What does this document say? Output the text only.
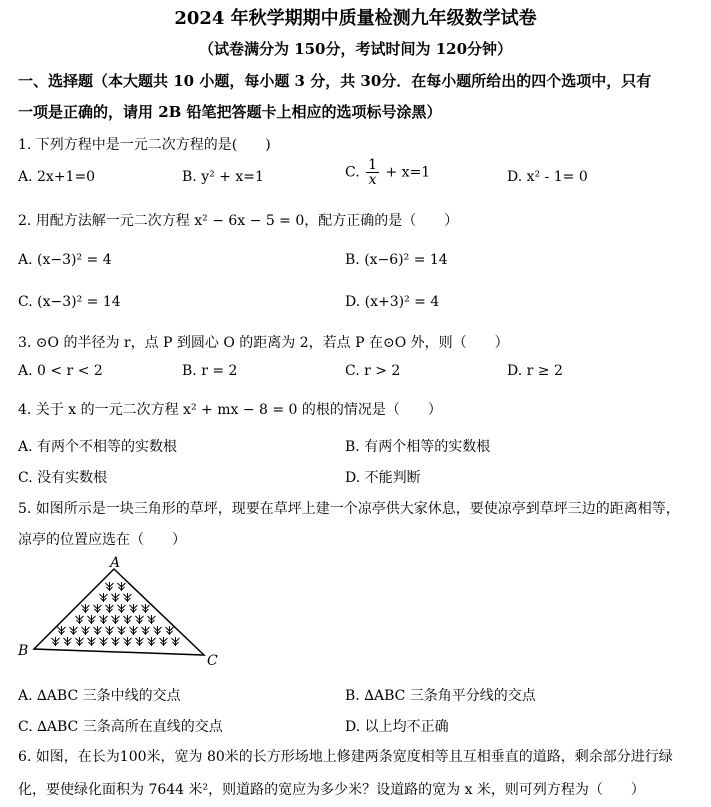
2024 年秋学期期中质量检测九年级数学试卷
（试卷满分为 150分，考试时间为 120分钟）
一、选择题（本大题共 10 小题，每小题 3 分，共 30分．在每小题所给出的四个选项中，只有
一项是正确的，请用 2B 铅笔把答题卡上相应的选项标号涂黑）
1. 下列方程中是一元二次方程的是(　　)
A. 2x+1=0	B. y² + x=1	C. $\frac{1}{x} + x=1$	D. x² - 1= 0
2. 用配方法解一元二次方程 x² − 6x − 5 = 0，配方正确的是（　　）
A. (x−3)² = 4	B. (x−6)² = 14
C. (x−3)² = 14	D. (x+3)² = 4
3. ⊙O 的半径为 r，点 P 到圆心 O 的距离为 2，若点 P 在⊙O 外，则（　　）
A. 0 < r < 2	B. r = 2	C. r > 2	D. r ≥ 2
4. 关于 x 的一元二次方程 x² + mx − 8 = 0 的根的情况是（　　）
A. 有两个不相等的实数根	B. 有两个相等的实数根
C. 没有实数根	D. 不能判断
5. 如图所示是一块三角形的草坪，现要在草坪上建一个凉亭供大家休息，要使凉亭到草坪三边的距离相等，
凉亭的位置应选在（　　）
A
B
C
A. ∆ABC 三条中线的交点	B. ∆ABC 三条角平分线的交点
C. ∆ABC 三条高所在直线的交点	D. 以上均不正确
6. 如图，在长为100米，宽为 80米的长方形场地上修建两条宽度相等且互相垂直的道路，剩余部分进行绿
化，要使绿化面积为 7644 米²，则道路的宽应为多少米？设道路的宽为 x 米，则可列方程为（　　）
